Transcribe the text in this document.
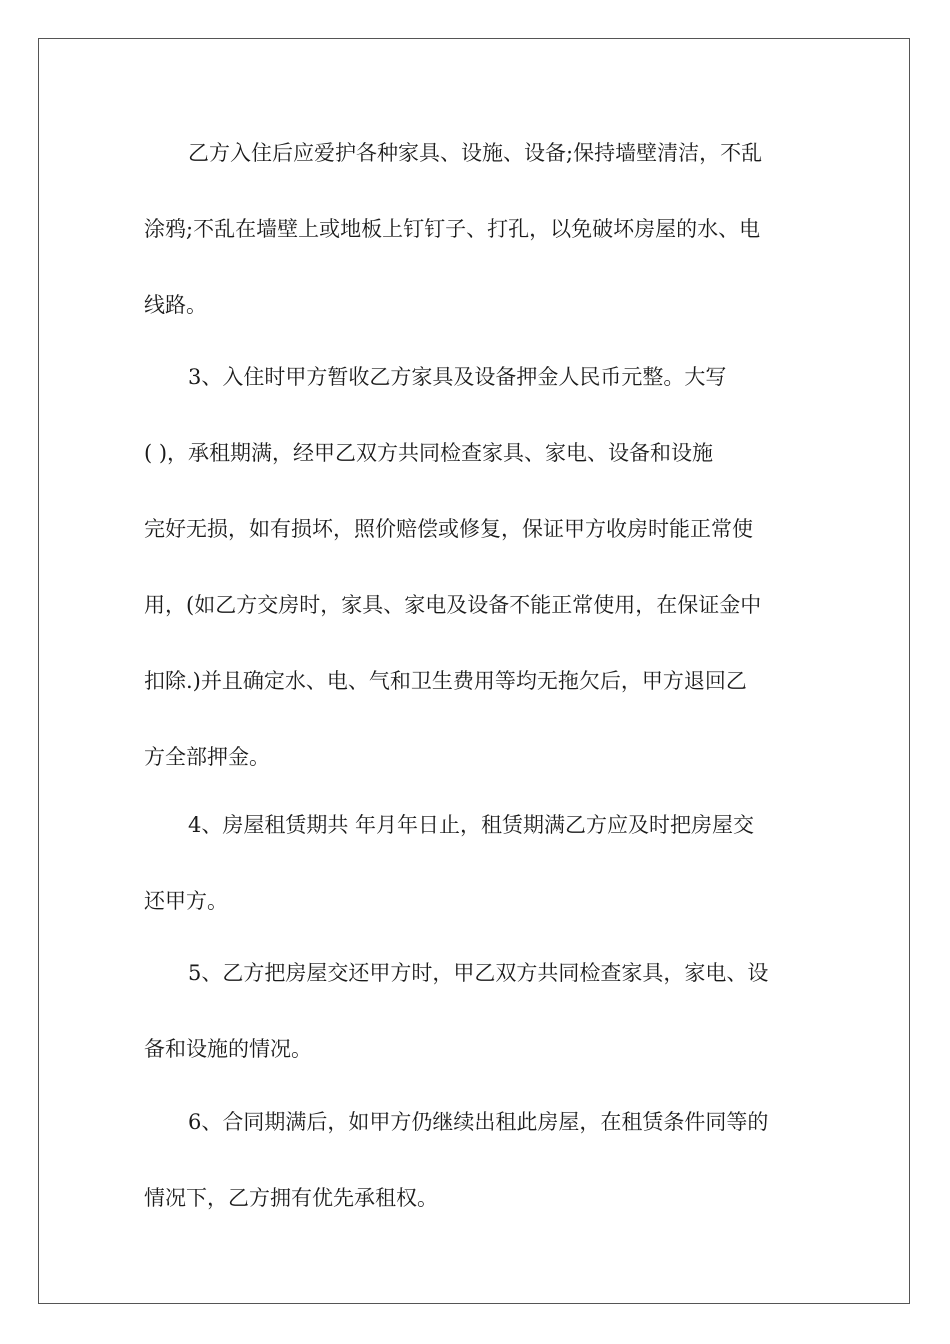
乙方入住后应爱护各种家具、设施、设备;保持墙壁清洁，不乱
涂鸦;不乱在墙壁上或地板上钉钉子、打孔，以免破坏房屋的水、电
线路。
3、入住时甲方暂收乙方家具及设备押金人民币元整。大写
( )，承租期满，经甲乙双方共同检查家具、家电、设备和设施
完好无损，如有损坏，照价赔偿或修复，保证甲方收房时能正常使
用，(如乙方交房时，家具、家电及设备不能正常使用，在保证金中
扣除.)并且确定水、电、气和卫生费用等均无拖欠后，甲方退回乙
方全部押金。
4、房屋租赁期共 年月年日止，租赁期满乙方应及时把房屋交
还甲方。
5、乙方把房屋交还甲方时，甲乙双方共同检查家具，家电、设
备和设施的情况。
6、合同期满后，如甲方仍继续出租此房屋，在租赁条件同等的
情况下，乙方拥有优先承租权。
